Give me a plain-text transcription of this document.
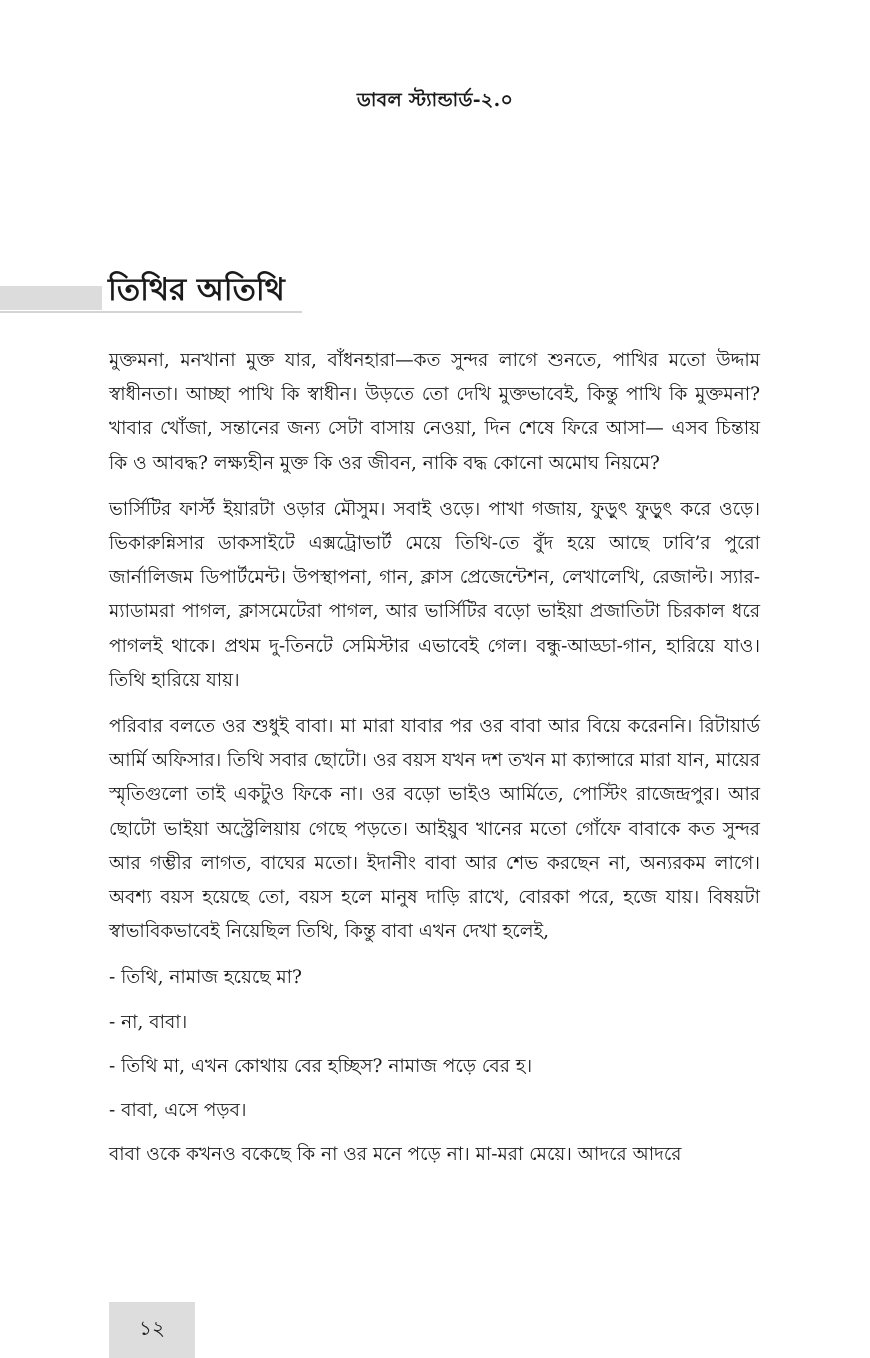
ডাবল স্ট্যান্ডার্ড-২.০
তিথির অতিথি

মুক্তমনা, মনখানা মুক্ত যার, বাঁধনহারা—কত সুন্দর লাগে শুনতে, পাখির মতো উদ্দাম স্বাধীনতা। আচ্ছা পাখি কি স্বাধীন। উড়তে তো দেখি মুক্তভাবেই, কিন্তু পাখি কি মুক্তমনা? খাবার খোঁজা, সন্তানের জন্য সেটা বাসায় নেওয়া, দিন শেষে ফিরে আসা— এসব চিন্তায় কি ও আবদ্ধ? লক্ষ্যহীন মুক্ত কি ওর জীবন, নাকি বদ্ধ কোনো অমোঘ নিয়মে?

ভার্সিটির ফার্স্ট ইয়ারটা ওড়ার মৌসুম। সবাই ওড়ে। পাখা গজায়, ফুড়ুৎ ফুড়ুৎ করে ওড়ে। ভিকারুন্নিসার ডাকসাইটে এক্সট্রোভার্ট মেয়ে তিথি-তে বুঁদ হয়ে আছে ঢাবি’র পুরো জার্নালিজম ডিপার্টমেন্ট। উপস্থাপনা, গান, ক্লাস প্রেজেন্টেশন, লেখালেখি, রেজাল্ট। স্যার-ম্যাডামরা পাগল, ক্লাসমেটেরা পাগল, আর ভার্সিটির বড়ো ভাইয়া প্রজাতিটা চিরকাল ধরে পাগলই থাকে। প্রথম দু-তিনটে সেমিস্টার এভাবেই গেল। বন্ধু-আড্ডা-গান, হারিয়ে যাও। তিথি হারিয়ে যায়।

পরিবার বলতে ওর শুধুই বাবা। মা মারা যাবার পর ওর বাবা আর বিয়ে করেননি। রিটায়ার্ড আর্মি অফিসার। তিথি সবার ছোটো। ওর বয়স যখন দশ তখন মা ক্যান্সারে মারা যান, মায়ের স্মৃতিগুলো তাই একটুও ফিকে না। ওর বড়ো ভাইও আর্মিতে, পোস্টিং রাজেন্দ্রপুর। আর ছোটো ভাইয়া অস্ট্রেলিয়ায় গেছে পড়তে। আইয়ুব খানের মতো গোঁফে বাবাকে কত সুন্দর আর গম্ভীর লাগত, বাঘের মতো। ইদানীং বাবা আর শেভ করছেন না, অন্যরকম লাগে। অবশ্য বয়স হয়েছে তো, বয়স হলে মানুষ দাড়ি রাখে, বোরকা পরে, হজে যায়। বিষয়টা স্বাভাবিকভাবেই নিয়েছিল তিথি, কিন্তু বাবা এখন দেখা হলেই,

- তিথি, নামাজ হয়েছে মা?

- না, বাবা।

- তিথি মা, এখন কোথায় বের হচ্ছিস? নামাজ পড়ে বের হ।

- বাবা, এসে পড়ব।

বাবা ওকে কখনও বকেছে কি না ওর মনে পড়ে না। মা-মরা মেয়ে। আদরে আদরে

১২
